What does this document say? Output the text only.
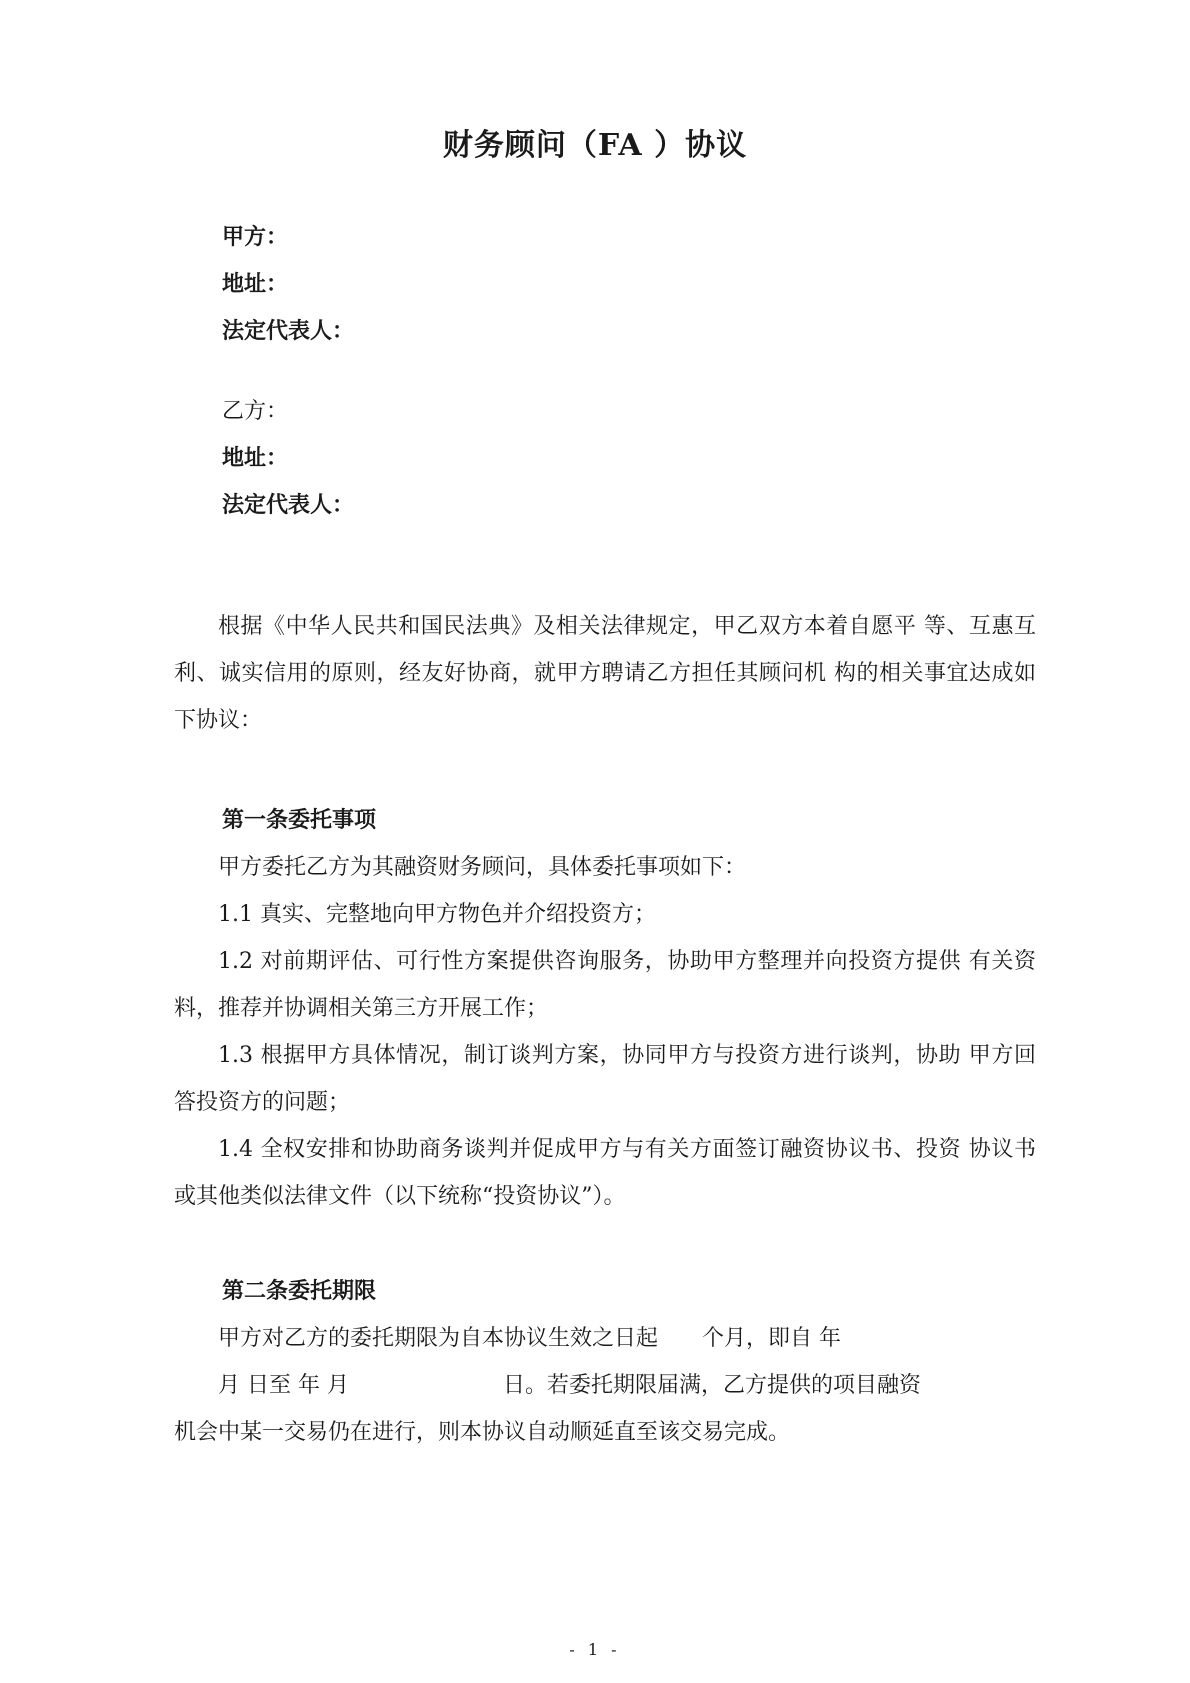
财务顾问（FA ）协议

甲方：

地址：

法定代表人：

乙方：

地址：

法定代表人：

根据《中华人民共和国民法典》及相关法律规定，甲乙双方本着自愿平 等、互惠互利、诚实信用的原则，经友好协商，就甲方聘请乙方担任其顾问机 构的相关事宜达成如下协议：

第一条委托事项

甲方委托乙方为其融资财务顾问，具体委托事项如下：

1.1 真实、完整地向甲方物色并介绍投资方；

1.2 对前期评估、可行性方案提供咨询服务，协助甲方整理并向投资方提供 有关资料，推荐并协调相关第三方开展工作；

1.3 根据甲方具体情况，制订谈判方案，协同甲方与投资方进行谈判，协助 甲方回答投资方的问题；

1.4 全权安排和协助商务谈判并促成甲方与有关方面签订融资协议书、投资 协议书或其他类似法律文件（以下统称“投资协议”）。

第二条委托期限

甲方对乙方的委托期限为自本协议生效之日起　　个月，即自 年

月 日至 年 月　　　　　　　日。若委托期限届满，乙方提供的项目融资

机会中某一交易仍在进行，则本协议自动顺延直至该交易完成。

- 1 -
